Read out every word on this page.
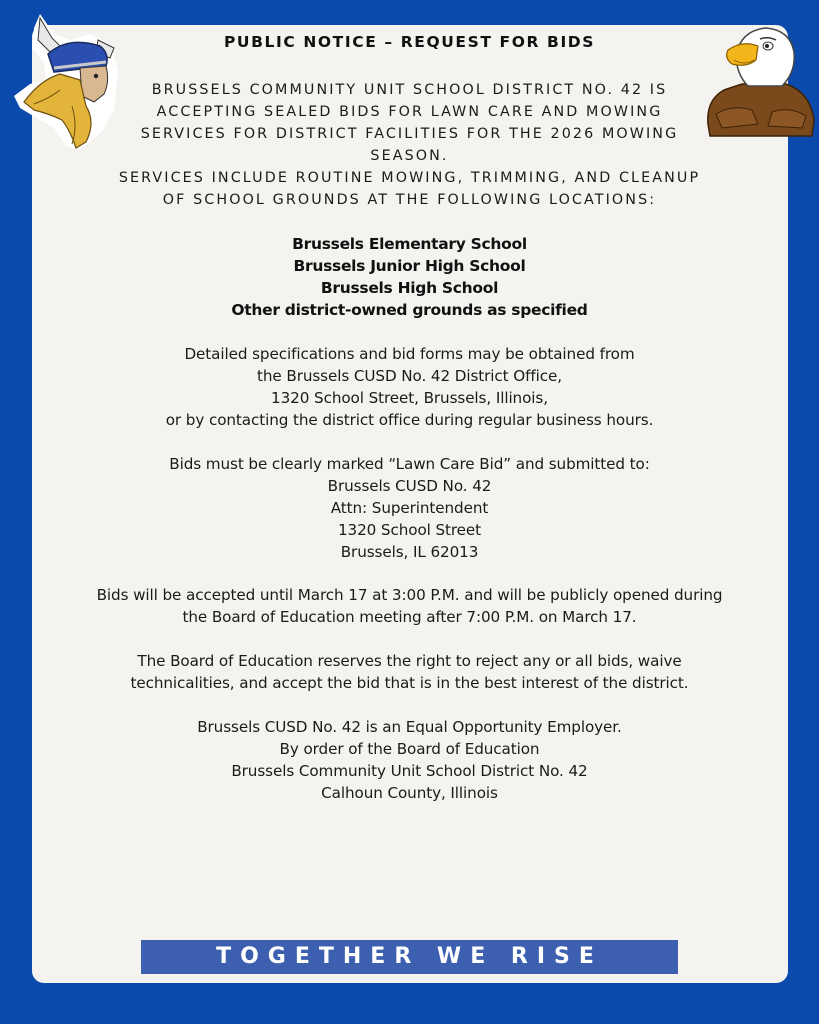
PUBLIC NOTICE – REQUEST FOR BIDS
BRUSSELS COMMUNITY UNIT SCHOOL DISTRICT NO. 42 IS
ACCEPTING SEALED BIDS FOR LAWN CARE AND MOWING
SERVICES FOR DISTRICT FACILITIES FOR THE 2026 MOWING
SEASON.
SERVICES INCLUDE ROUTINE MOWING, TRIMMING, AND CLEANUP
OF SCHOOL GROUNDS AT THE FOLLOWING LOCATIONS:
Brussels Elementary School
Brussels Junior High School
Brussels High School
Other district-owned grounds as specified
Detailed specifications and bid forms may be obtained from
the Brussels CUSD No. 42 District Office,
1320 School Street, Brussels, Illinois,
or by contacting the district office during regular business hours.
Bids must be clearly marked “Lawn Care Bid” and submitted to:
Brussels CUSD No. 42
Attn: Superintendent
1320 School Street
Brussels, IL 62013
Bids will be accepted until March 17 at 3:00 P.M. and will be publicly opened during
the Board of Education meeting after 7:00 P.M. on March 17.
The Board of Education reserves the right to reject any or all bids, waive
technicalities, and accept the bid that is in the best interest of the district.
Brussels CUSD No. 42 is an Equal Opportunity Employer.
By order of the Board of Education
Brussels Community Unit School District No. 42
Calhoun County, Illinois
TOGETHER WE RISE
